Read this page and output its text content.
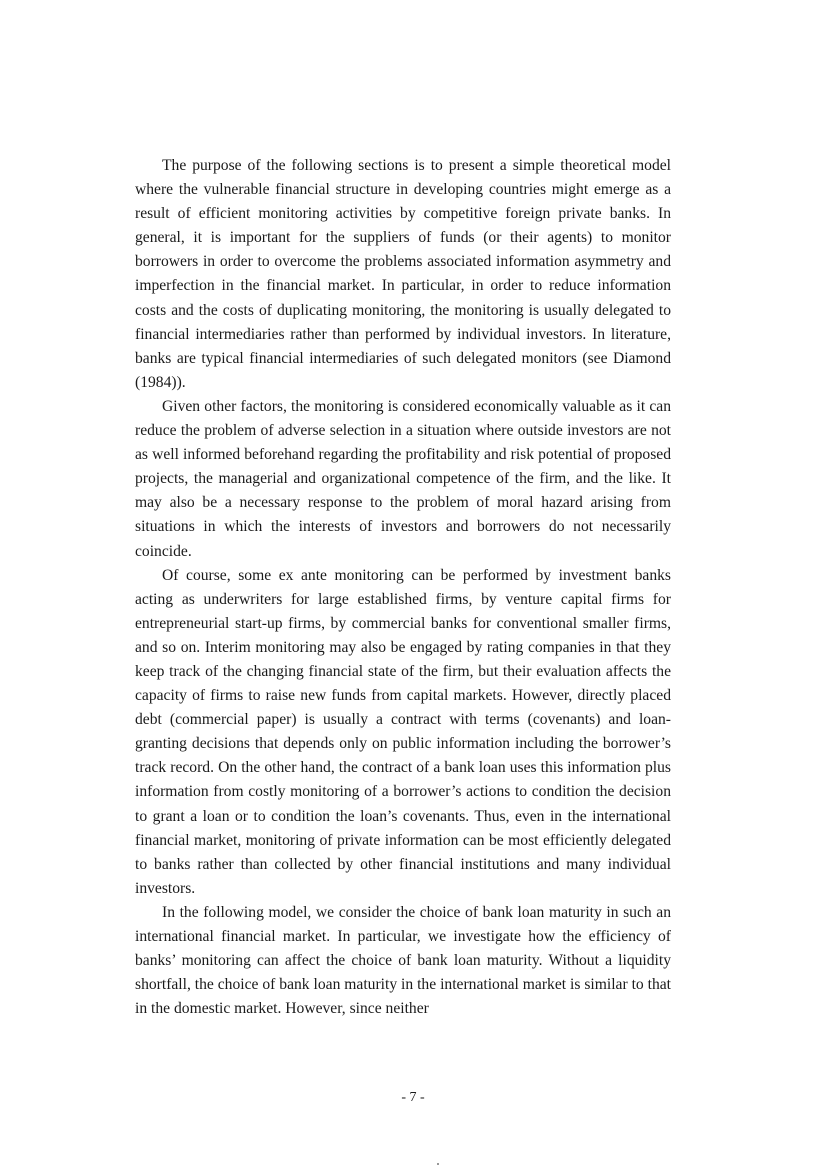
The purpose of the following sections is to present a simple theoretical model where the vulnerable financial structure in developing countries might emerge as a result of efficient monitoring activities by competitive foreign private banks. In general, it is important for the suppliers of funds (or their agents) to monitor borrowers in order to overcome the problems associated information asymmetry and imperfection in the financial market. In particular, in order to reduce information costs and the costs of duplicating monitoring, the monitoring is usually delegated to financial intermediaries rather than performed by individual investors. In literature, banks are typical financial intermediaries of such delegated monitors (see Diamond (1984)).

Given other factors, the monitoring is considered economically valuable as it can reduce the problem of adverse selection in a situation where outside investors are not as well informed beforehand regarding the profitability and risk potential of proposed projects, the managerial and organizational competence of the firm, and the like. It may also be a necessary response to the problem of moral hazard arising from situations in which the interests of investors and borrowers do not necessarily coincide.

Of course, some ex ante monitoring can be performed by investment banks acting as underwriters for large established firms, by venture capital firms for entrepreneurial start-up firms, by commercial banks for conventional smaller firms, and so on. Interim monitoring may also be engaged by rating companies in that they keep track of the changing financial state of the firm, but their evaluation affects the capacity of firms to raise new funds from capital markets. However, directly placed debt (commercial paper) is usually a contract with terms (covenants) and loan-granting decisions that depends only on public information including the borrower’s track record. On the other hand, the contract of a bank loan uses this information plus information from costly monitoring of a borrower’s actions to condition the decision to grant a loan or to condition the loan’s covenants. Thus, even in the international financial market, monitoring of private information can be most efficiently delegated to banks rather than collected by other financial institutions and many individual investors.

In the following model, we consider the choice of bank loan maturity in such an international financial market. In particular, we investigate how the efficiency of banks’ monitoring can affect the choice of bank loan maturity. Without a liquidity shortfall, the choice of bank loan maturity in the international market is similar to that in the domestic market. However, since neither

- 7 -
